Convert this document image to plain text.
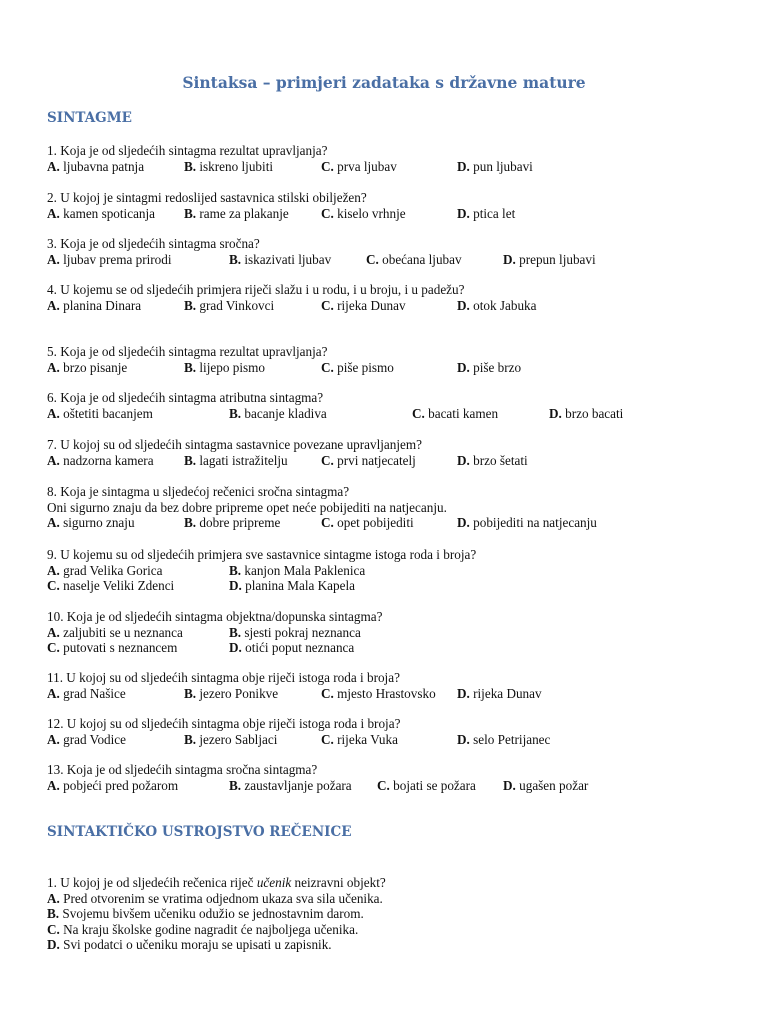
Sintaksa – primjeri zadataka s državne mature
SINTAGME
1. Koja je od sljedećih sintagma rezultat upravljanja?
A. ljubavna patnja	B. iskreno ljubiti	C. prva ljubav	D. pun ljubavi
2. U kojoj je sintagmi redoslijed sastavnica stilski obilježen?
A. kamen spoticanja B. rame za plakanje C. kiselo vrhnje	D. ptica let
3. Koja je od sljedećih sintagma sročna?
A. ljubav prema prirodi	B. iskazivati ljubav	C. obećana ljubav	D. prepun ljubavi
4. U kojemu se od sljedećih primjera riječi slažu i u rodu, i u broju, i u padežu?
A. planina Dinara	B. grad Vinkovci	C. rijeka Dunav	D. otok Jabuka
5. Koja je od sljedećih sintagma rezultat upravljanja?
A. brzo pisanje	B. lijepo pismo	C. piše pismo	D. piše brzo
6. Koja je od sljedećih sintagma atributna sintagma?
A. oštetiti bacanjem	B. bacanje kladiva	C. bacati kamen	D. brzo bacati
7. U kojoj su od sljedećih sintagma sastavnice povezane upravljanjem?
A. nadzorna kamera B. lagati istražitelju	C. prvi natjecatelj	D. brzo šetati
8. Koja je sintagma u sljedećoj rečenici sročna sintagma?
Oni sigurno znaju da bez dobre pripreme opet neće pobijediti na natjecanju.
A. sigurno znaju	B. dobre pripreme	C. opet pobijediti	D. pobijediti na natjecanju
9. U kojemu su od sljedećih primjera sve sastavnice sintagme istoga roda i broja?
A. grad Velika Gorica	B. kanjon Mala Paklenica
C. naselje Veliki Zdenci	D. planina Mala Kapela
10. Koja je od sljedećih sintagma objektna/dopunska sintagma?
A. zaljubiti se u neznanca	B. sjesti pokraj neznanca
C. putovati s neznancem	D. otići poput neznanca
11. U kojoj su od sljedećih sintagma obje riječi istoga roda i broja?
A. grad Našice	B. jezero Ponikve	C. mjesto Hrastovsko D. rijeka Dunav
12. U kojoj su od sljedećih sintagma obje riječi istoga roda i broja?
A. grad Vodice	B. jezero Sabljaci	C. rijeka Vuka	D. selo Petrijanec
13. Koja je od sljedećih sintagma sročna sintagma?
A. pobjeći pred požarom	B. zaustavljanje požara C. bojati se požara D. ugašen požar
SINTAKTIČKO USTROJSTVO REČENICE
1. U kojoj je od sljedećih rečenica riječ učenik neizravni objekt?
A. Pred otvorenim se vratima odjednom ukaza sva sila učenika.
B. Svojemu bivšem učeniku odužio se jednostavnim darom.
C. Na kraju školske godine nagradit će najboljega učenika.
D. Svi podatci o učeniku moraju se upisati u zapisnik.
